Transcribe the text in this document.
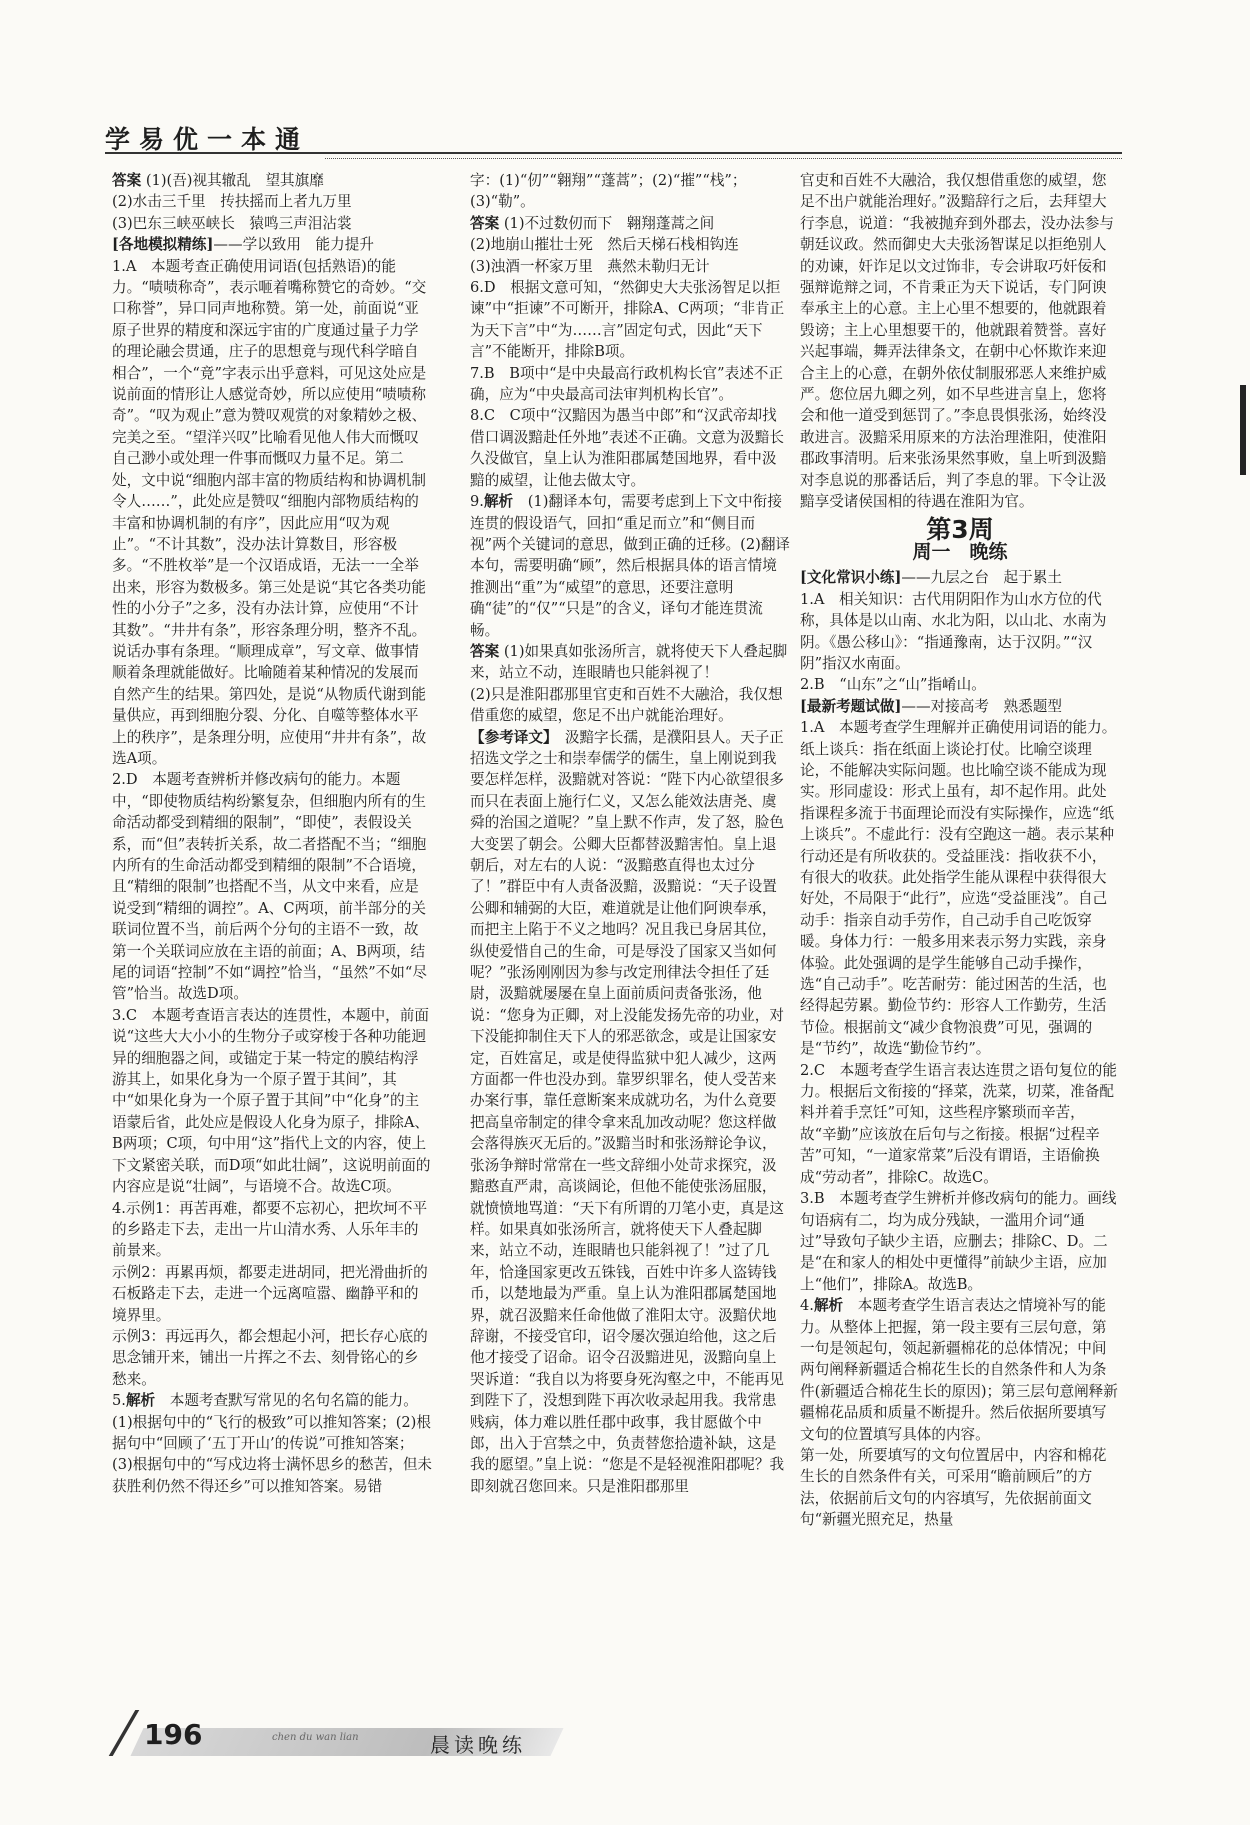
学易优一本通

答案 (1)(吾)视其辙乱　望其旗靡

(2)水击三千里　抟扶摇而上者九万里

(3)巴东三峡巫峡长　猿鸣三声泪沾裳

[各地模拟精练]——学以致用　能力提升

1.A　本题考查正确使用词语(包括熟语)的能力。“啧啧称奇”，表示咂着嘴称赞它的奇妙。“交口称誉”，异口同声地称赞。第一处，前面说“亚原子世界的精度和深远宇宙的广度通过量子力学的理论融会贯通，庄子的思想竟与现代科学暗自相合”，一个“竟”字表示出乎意料，可见这处应是说前面的情形让人感觉奇妙，所以应使用“啧啧称奇”。“叹为观止”意为赞叹观赏的对象精妙之极、完美之至。“望洋兴叹”比喻看见他人伟大而慨叹自己渺小或处理一件事而慨叹力量不足。第二处，文中说“细胞内部丰富的物质结构和协调机制令人……”，此处应是赞叹“细胞内部物质结构的丰富和协调机制的有序”，因此应用“叹为观止”。“不计其数”，没办法计算数目，形容极多。“不胜枚举”是一个汉语成语，无法一一全举出来，形容为数极多。第三处是说“其它各类功能性的小分子”之多，没有办法计算，应使用“不计其数”。“井井有条”，形容条理分明，整齐不乱。说话办事有条理。“顺理成章”，写文章、做事情顺着条理就能做好。比喻随着某种情况的发展而自然产生的结果。第四处，是说“从物质代谢到能量供应，再到细胞分裂、分化、自噬等整体水平上的秩序”，是条理分明，应使用“井井有条”，故选A项。

2.D　本题考查辨析并修改病句的能力。本题中，“即使物质结构纷繁复杂，但细胞内所有的生命活动都受到精细的限制”，“即使”，表假设关系，而“但”表转折关系，故二者搭配不当；“细胞内所有的生命活动都受到精细的限制”不合语境，且“精细的限制”也搭配不当，从文中来看，应是说受到“精细的调控”。A、C两项，前半部分的关联词位置不当，前后两个分句的主语不一致，故第一个关联词应放在主语的前面；A、B两项，结尾的词语“控制”不如“调控”恰当，“虽然”不如“尽管”恰当。故选D项。

3.C　本题考查语言表达的连贯性，本题中，前面说“这些大大小小的生物分子或穿梭于各种功能迥异的细胞器之间，或锚定于某一特定的膜结构浮游其上，如果化身为一个原子置于其间”，其中“如果化身为一个原子置于其间”中“化身”的主语蒙后省，此处应是假设人化身为原子，排除A、B两项；C项，句中用“这”指代上文的内容，使上下文紧密关联，而D项“如此壮阔”，这说明前面的内容应是说“壮阔”，与语境不合。故选C项。

4.示例1：再苦再难，都要不忘初心，把坎坷不平的乡路走下去，走出一片山清水秀、人乐年丰的前景来。

示例2：再累再烦，都要走进胡同，把光滑曲折的石板路走下去，走进一个远离喧嚣、幽静平和的境界里。

示例3：再远再久，都会想起小河，把长存心底的思念铺开来，铺出一片挥之不去、刻骨铭心的乡愁来。

5.解析　本题考查默写常见的名句名篇的能力。(1)根据句中的“飞行的极致”可以推知答案；(2)根据句中“回顾了‘五丁开山’的传说”可推知答案；(3)根据句中的“写戍边将士满怀思乡的愁苦，但未获胜利仍然不得还乡”可以推知答案。易错

字：(1)“仞”“翱翔”“蓬蒿”；(2)“摧”“栈”；(3)“勒”。

答案 (1)不过数仞而下　翱翔蓬蒿之间

(2)地崩山摧壮士死　然后天梯石栈相钩连

(3)浊酒一杯家万里　燕然未勒归无计

6.D　根据文意可知，“然御史大夫张汤智足以拒谏”中“拒谏”不可断开，排除A、C两项；“非肯正为天下言”中“为……言”固定句式，因此“天下言”不能断开，排除B项。

7.B　B项中“是中央最高行政机构长官”表述不正确，应为“中央最高司法审判机构长官”。

8.C　C项中“汉黯因为愚当中郎”和“汉武帝却找借口调汲黯赴任外地”表述不正确。文意为汲黯长久没做官，皇上认为淮阳郡属楚国地界，看中汲黯的威望，让他去做太守。

9.解析　(1)翻译本句，需要考虑到上下文中衔接连贯的假设语气，回扣“重足而立”和“侧目而视”两个关键词的意思，做到正确的迁移。(2)翻译本句，需要明确“顾”，然后根据具体的语言情境推测出“重”为“威望”的意思，还要注意明确“徒”的“仅”“只是”的含义，译句才能连贯流畅。

答案 (1)如果真如张汤所言，就将使天下人叠起脚来，站立不动，连眼睛也只能斜视了！

(2)只是淮阳郡那里官吏和百姓不大融洽，我仅想借重您的威望，您足不出户就能治理好。

【参考译文】　汲黯字长孺，是濮阳县人。天子正招选文学之士和崇奉儒学的儒生，皇上刚说到我要怎样怎样，汲黯就对答说：“陛下内心欲望很多而只在表面上施行仁义，又怎么能效法唐尧、虞舜的治国之道呢？”皇上默不作声，发了怒，脸色大变罢了朝会。公卿大臣都替汲黯害怕。皇上退朝后，对左右的人说：“汲黯憨直得也太过分了！”群臣中有人责备汲黯，汲黯说：“天子设置公卿和辅弼的大臣，难道就是让他们阿谀奉承，而把主上陷于不义之地吗？况且我已身居其位，纵使爱惜自己的生命，可是辱没了国家又当如何呢？”张汤刚刚因为参与改定刑律法令担任了廷尉，汲黯就屡屡在皇上面前质问责备张汤，他说：“您身为正卿，对上没能发扬先帝的功业，对下没能抑制住天下人的邪恶欲念，或是让国家安定，百姓富足，或是使得监狱中犯人减少，这两方面都一件也没办到。靠罗织罪名，使人受苦来办案行事，靠任意断案来成就功名，为什么竟要把高皇帝制定的律令拿来乱加改动呢？您这样做会落得族灭无后的。”汲黯当时和张汤辩论争议，张汤争辩时常常在一些文辞细小处苛求探究，汲黯憨直严肃，高谈阔论，但他不能使张汤屈服，就愤愤地骂道：“天下有所谓的刀笔小吏，真是这样。如果真如张汤所言，就将使天下人叠起脚来，站立不动，连眼睛也只能斜视了！”过了几年，恰逢国家更改五铢钱，百姓中许多人盗铸钱币，以楚地最为严重。皇上认为淮阳郡属楚国地界，就召汲黯来任命他做了淮阳太守。汲黯伏地辞谢，不接受官印，诏令屡次强迫给他，这之后他才接受了诏命。诏令召汲黯进见，汲黯向皇上哭诉道：“我自以为将要身死沟壑之中，不能再见到陛下了，没想到陛下再次收录起用我。我常患贱病，体力难以胜任郡中政事，我甘愿做个中郎，出入于宫禁之中，负责替您拾遗补缺，这是我的愿望。”皇上说：“您是不是轻视淮阳郡呢？我即刻就召您回来。只是淮阳郡那里

官吏和百姓不大融洽，我仅想借重您的威望，您足不出户就能治理好。”汲黯辞行之后，去拜望大行李息，说道：“我被抛弃到外郡去，没办法参与朝廷议政。然而御史大夫张汤智谋足以拒绝别人的劝谏，奸诈足以文过饰非，专会讲取巧奸佞和强辩诡辩之词，不肯秉正为天下说话，专门阿谀奉承主上的心意。主上心里不想要的，他就跟着毁谤；主上心里想要干的，他就跟着赞誉。喜好兴起事端，舞弄法律条文，在朝中心怀欺诈来迎合主上的心意，在朝外依仗制服邪恶人来维护威严。您位居九卿之列，如不早些进言皇上，您将会和他一道受到惩罚了。”李息畏惧张汤，始终没敢进言。汲黯采用原来的方法治理淮阳，使淮阳郡政事清明。后来张汤果然事败，皇上听到汲黯对李息说的那番话后，判了李息的罪。下令让汲黯享受诸侯国相的待遇在淮阳为官。

第3周
周一　晚练

[文化常识小练]——九层之台　起于累土

1.A　相关知识：古代用阴阳作为山水方位的代称，具体是以山南、水北为阳，以山北、水南为阴。《愚公移山》：“指通豫南，达于汉阴。”“汉阴”指汉水南面。

2.B　“山东”之“山”指崤山。

[最新考题试做]——对接高考　熟悉题型

1.A　本题考查学生理解并正确使用词语的能力。纸上谈兵：指在纸面上谈论打仗。比喻空谈理论，不能解决实际问题。也比喻空谈不能成为现实。形同虚设：形式上虽有，却不起作用。此处指课程多流于书面理论而没有实际操作，应选“纸上谈兵”。不虚此行：没有空跑这一趟。表示某种行动还是有所收获的。受益匪浅：指收获不小，有很大的收获。此处指学生能从课程中获得很大好处，不局限于“此行”，应选“受益匪浅”。自己动手：指亲自动手劳作，自己动手自己吃饭穿暖。身体力行：一般多用来表示努力实践，亲身体验。此处强调的是学生能够自己动手操作，选“自己动手”。吃苦耐劳：能过困苦的生活，也经得起劳累。勤俭节约：形容人工作勤劳，生活节俭。根据前文“减少食物浪费”可见，强调的是“节约”，故选“勤俭节约”。

2.C　本题考查学生语言表达连贯之语句复位的能力。根据后文衔接的“择菜，洗菜，切菜，准备配料并着手烹饪”可知，这些程序繁琐而辛苦，故“辛勤”应该放在后句与之衔接。根据“过程辛苦”可知，“一道家常菜”后没有谓语，主语偷换成“劳动者”，排除C。故选C。

3.B　本题考查学生辨析并修改病句的能力。画线句语病有二，均为成分残缺，一滥用介词“通过”导致句子缺少主语，应删去；排除C、D。二是“在和家人的相处中更懂得”前缺少主语，应加上“他们”，排除A。故选B。

4.解析　本题考查学生语言表达之情境补写的能力。从整体上把握，第一段主要有三层句意，第一句是领起句，领起新疆棉花的总体情况；中间两句阐释新疆适合棉花生长的自然条件和人为条件(新疆适合棉花生长的原因)；第三层句意阐释新疆棉花品质和质量不断提升。然后依据所要填写文句的位置填写具体的内容。

第一处，所要填写的文句位置居中，内容和棉花生长的自然条件有关，可采用“瞻前顾后”的方法，依据前后文句的内容填写，先依据前面文句“新疆光照充足，热量

196	chen du wan lian	晨读晚练
